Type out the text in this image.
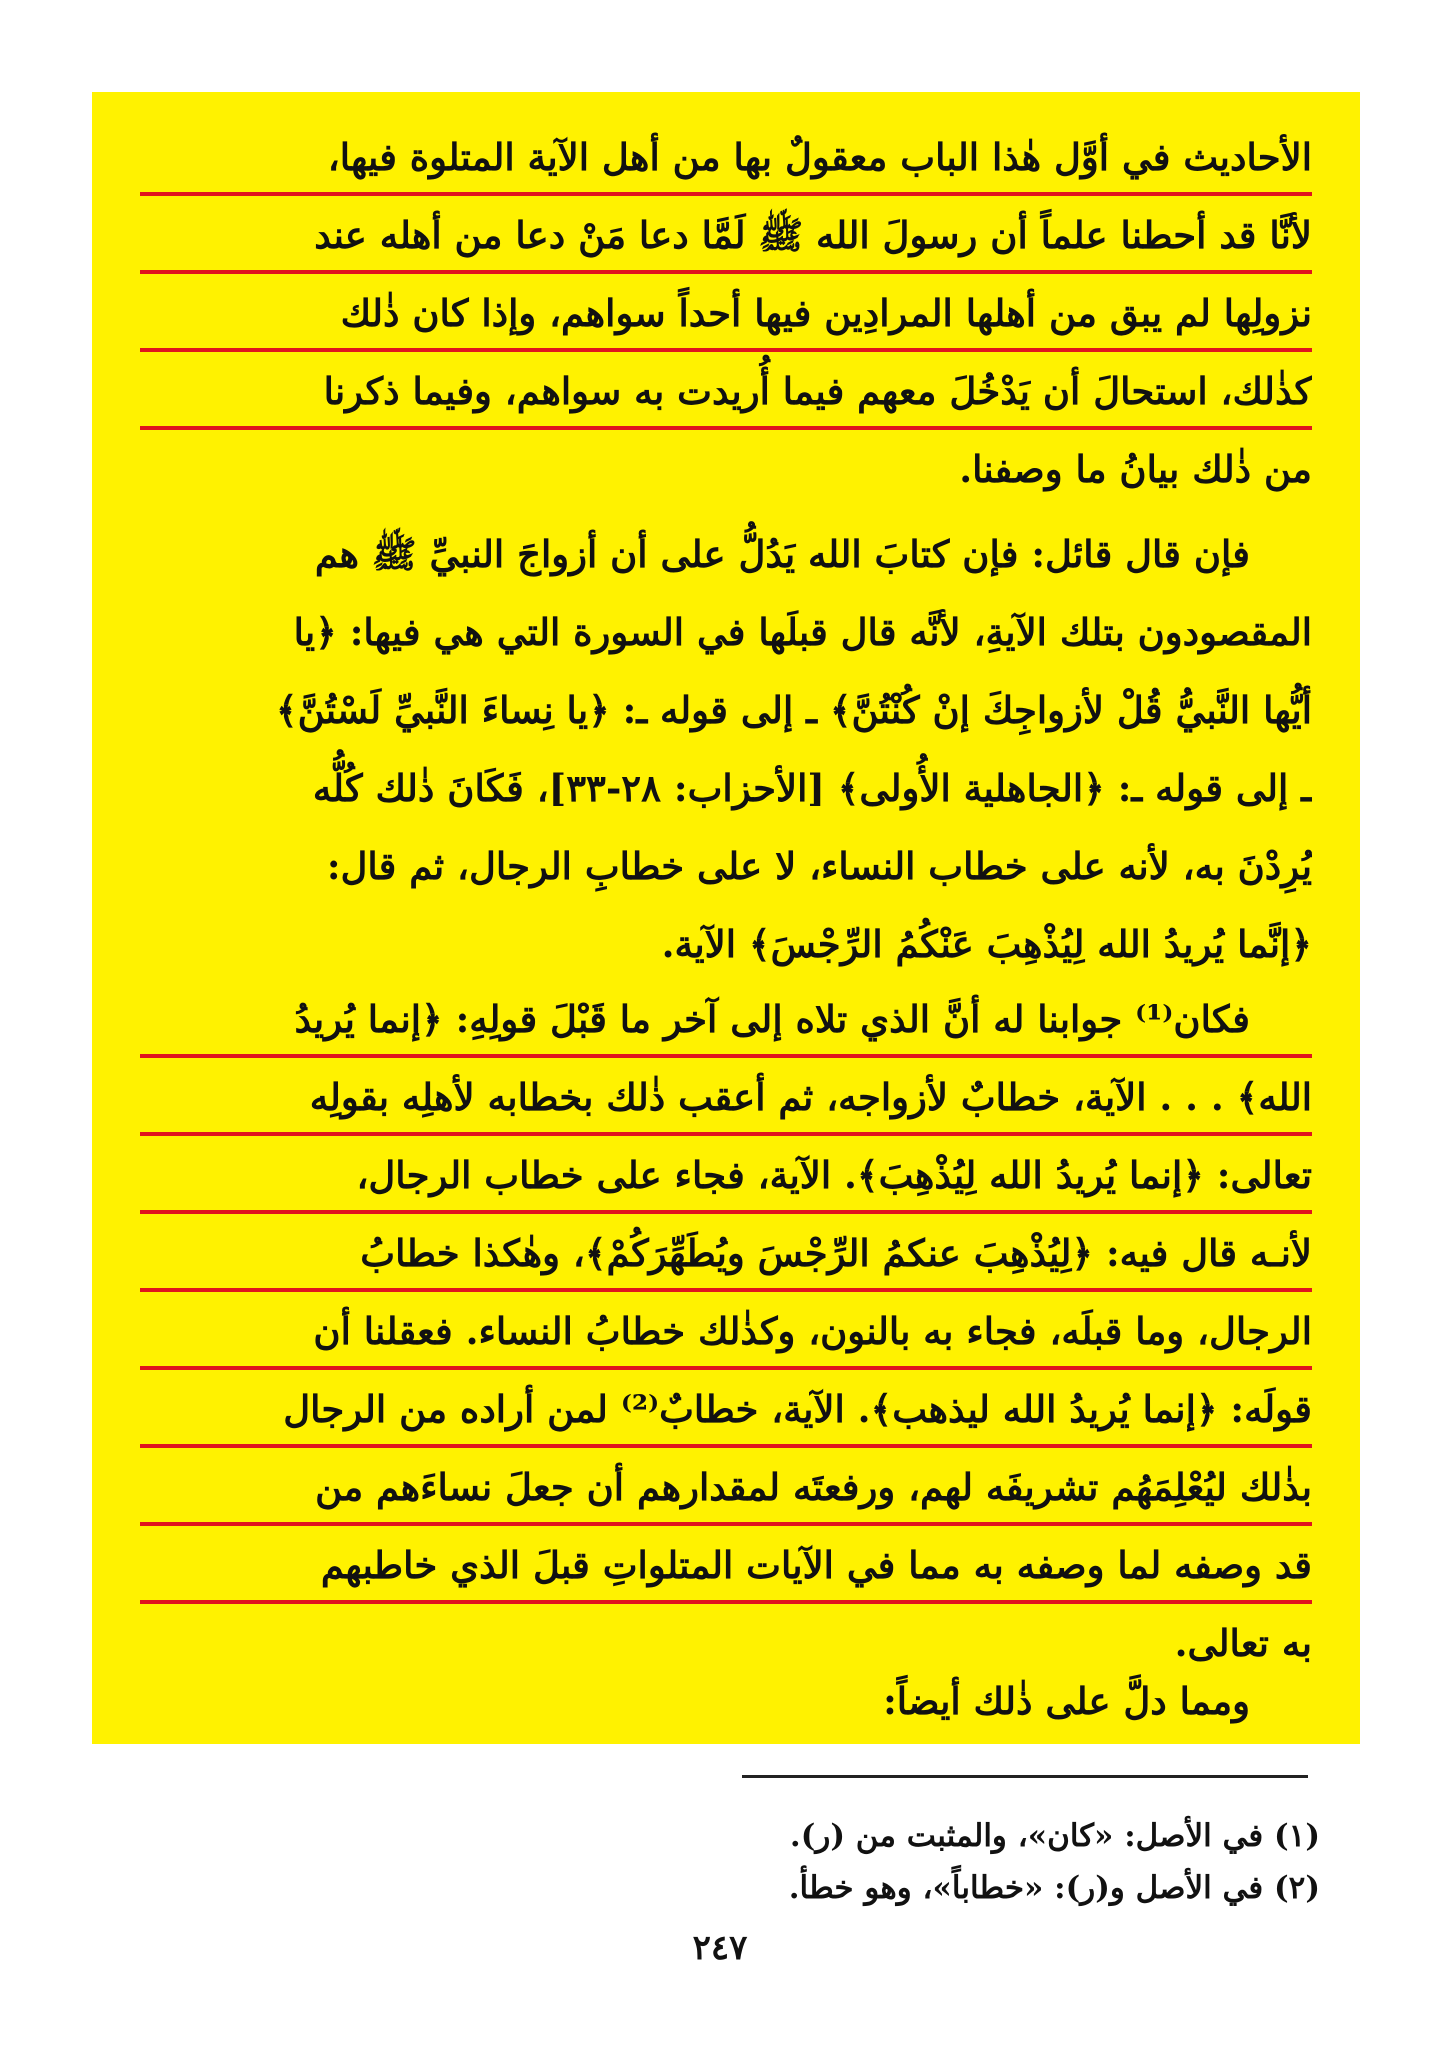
الأحاديث في أوَّل هٰذا الباب معقولٌ بها من أهل الآية المتلوة فيها،
لأنَّا قد أحطنا علماً أن رسولَ الله ﷺ لَمَّا دعا مَنْ دعا من أهله عند
نزولِها لم يبق من أهلها المرادِين فيها أحداً سواهم، وإذا كان ذٰلك
كذٰلك، استحالَ أن يَدْخُلَ معهم فيما أُريدت به سواهم، وفيما ذكرنا
من ذٰلك بيانُ ما وصفنا.
فإن قال قائل: فإن كتابَ الله يَدُلُّ على أن أزواجَ النبيِّ ﷺ هم
المقصودون بتلك الآيةِ، لأنَّه قال قبلَها في السورة التي هي فيها: ﴿يا
أيُّها النَّبيُّ قُلْ لأزواجِكَ إنْ كُنْتُنَّ﴾ ـ إلى قوله ـ: ﴿يا نِساءَ النَّبيِّ لَسْتُنَّ﴾
ـ إلى قوله ـ: ﴿الجاهلية الأُولى﴾ [الأحزاب: ٢٨-٣٣]، فَكَانَ ذٰلك كُلُّه
يُرِدْنَ به، لأنه على خطاب النساء، لا على خطابِ الرجال، ثم قال:
﴿إنَّما يُريدُ الله لِيُذْهِبَ عَنْكُمُ الرِّجْسَ﴾ الآية.
فكان⁽¹⁾ جوابنا له أنَّ الذي تلاه إلى آخر ما قَبْلَ قولِهِ: ﴿إنما يُريدُ
الله﴾ . . . الآية، خطابٌ لأزواجه، ثم أعقب ذٰلك بخطابه لأهلِه بقولِه
تعالى: ﴿إنما يُريدُ الله لِيُذْهِبَ﴾. الآية، فجاء على خطاب الرجال،
لأنـه قال فيه: ﴿لِيُذْهِبَ عنكمُ الرِّجْسَ ويُطَهِّرَكُمْ﴾، وهٰكذا خطابُ
الرجال، وما قبلَه، فجاء به بالنون، وكذٰلك خطابُ النساء. فعقلنا أن
قولَه: ﴿إنما يُريدُ الله ليذهب﴾. الآية، خطابٌ⁽²⁾ لمن أراده من الرجال
بذٰلك ليُعْلِمَهُم تشريفَه لهم، ورفعتَه لمقدارهم أن جعلَ نساءَهم من
قد وصفه لما وصفه به مما في الآيات المتلواتِ قبلَ الذي خاطبهم
به تعالى.
ومما دلَّ على ذٰلك أيضاً:
(١) في الأصل: «كان»، والمثبت من (ر).
(٢) في الأصل و(ر): «خطاباً»، وهو خطأ.
٢٤٧
